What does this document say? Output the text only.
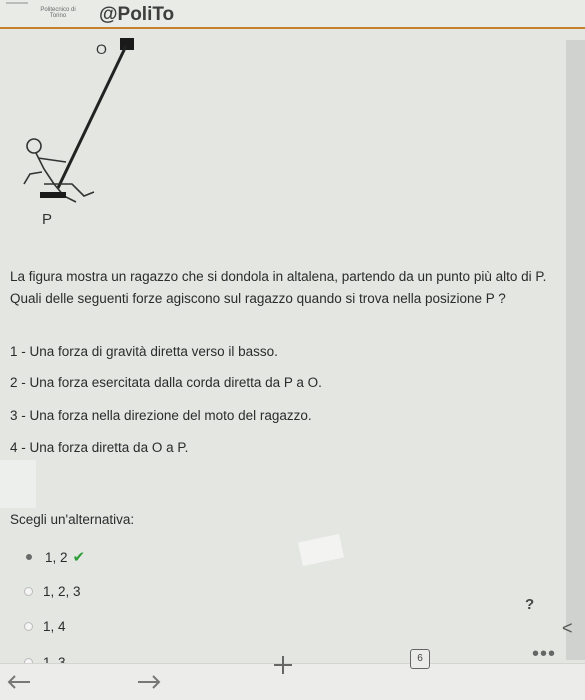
Politecnico di Torino	@PoliTo
O
P
La figura mostra un ragazzo che si dondola in altalena, partendo da un punto più alto di P. Quali delle seguenti forze agiscono sul ragazzo quando si trova nella posizione P ?
1 - Una forza di gravità diretta verso il basso.
2 - Una forza esercitata dalla corda diretta da P a O.
3 - Una forza nella direzione del moto del ragazzo.
4 - Una forza diretta da O a P.
Scegli un'alternativa:
1, 2 ✔
1, 2, 3
1, 4
?
<
6	•••
